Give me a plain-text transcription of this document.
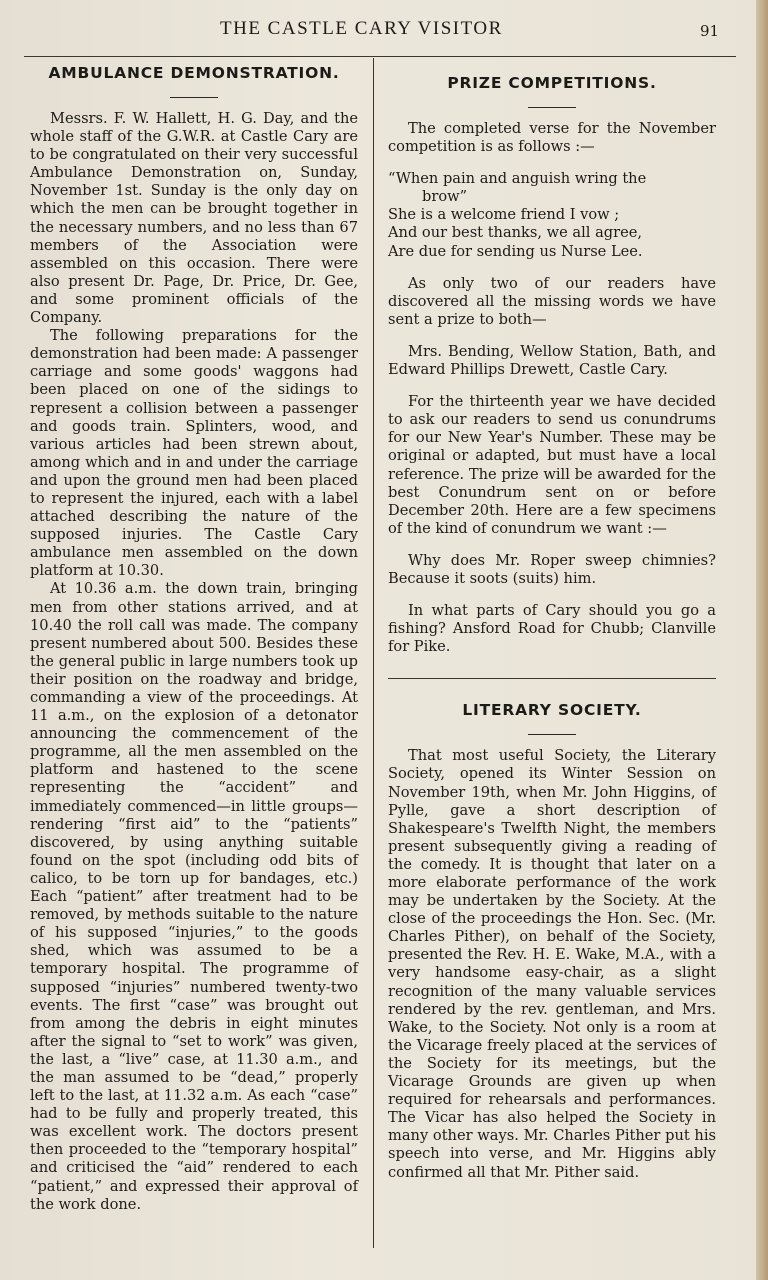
THE CASTLE CARY VISITOR	91
AMBULANCE DEMONSTRATION.

Messrs. F. W. Hallett, H. G. Day, and the whole staff of the G.W.R. at Castle Cary are to be congratulated on their very successful Ambulance Demonstration on, Sunday, November 1st. Sunday is the only day on which the men can be brought together in the necessary numbers, and no less than 67 members of the Association were assembled on this occasion. There were also present Dr. Page, Dr. Price, Dr. Gee, and some prominent officials of the Company.

The following preparations for the demonstration had been made: A passenger carriage and some goods' waggons had been placed on one of the sidings to represent a collision between a passenger and goods train. Splinters, wood, and various articles had been strewn about, among which and in and under the carriage and upon the ground men had been placed to represent the injured, each with a label attached describing the nature of the supposed injuries. The Castle Cary ambulance men assembled on the down platform at 10.30.

At 10.36 a.m. the down train, bringing men from other stations arrived, and at 10.40 the roll call was made. The company present numbered about 500. Besides these the general public in large numbers took up their position on the roadway and bridge, commanding a view of the proceedings. At 11 a.m., on the explosion of a detonator announcing the commencement of the programme, all the men assembled on the platform and hastened to the scene representing the “accident” and immediately commenced—in little groups—rendering “first aid” to the “patients” discovered, by using anything suitable found on the spot (including odd bits of calico, to be torn up for bandages, etc.) Each “patient” after treatment had to be removed, by methods suitable to the nature of his supposed “injuries,” to the goods shed, which was assumed to be a temporary hospital. The programme of supposed “injuries” numbered twenty-two events. The first “case” was brought out from among the debris in eight minutes after the signal to “set to work” was given, the last, a “live” case, at 11.30 a.m., and the man assumed to be “dead,” properly left to the last, at 11.32 a.m. As each “case” had to be fully and properly treated, this was excellent work. The doctors present then proceeded to the “temporary hospital” and criticised the “aid” rendered to each “patient,” and expressed their approval of the work done.

PRIZE COMPETITIONS.

The completed verse for the November competition is as follows :—

“When pain and anguish wring the
brow”
She is a welcome friend I vow ;
And our best thanks, we all agree,
Are due for sending us Nurse Lee.

As only two of our readers have discovered all the missing words we have sent a prize to both—

Mrs. Bending, Wellow Station, Bath, and Edward Phillips Drewett, Castle Cary.

For the thirteenth year we have decided to ask our readers to send us conundrums for our New Year's Number. These may be original or adapted, but must have a local reference. The prize will be awarded for the best Conundrum sent on or before December 20th. Here are a few specimens of the kind of conundrum we want :—

Why does Mr. Roper sweep chimnies? Because it soots (suits) him.

In what parts of Cary should you go a fishing? Ansford Road for Chubb; Clanville for Pike.

LITERARY SOCIETY.

That most useful Society, the Literary Society, opened its Winter Session on November 19th, when Mr. John Higgins, of Pylle, gave a short description of Shakespeare's Twelfth Night, the members present subsequently giving a reading of the comedy. It is thought that later on a more elaborate performance of the work may be undertaken by the Society. At the close of the proceedings the Hon. Sec. (Mr. Charles Pither), on behalf of the Society, presented the Rev. H. E. Wake, M.A., with a very handsome easy-chair, as a slight recognition of the many valuable services rendered by the rev. gentleman, and Mrs. Wake, to the Society. Not only is a room at the Vicarage freely placed at the services of the Society for its meetings, but the Vicarage Grounds are given up when required for rehearsals and performances. The Vicar has also helped the Society in many other ways. Mr. Charles Pither put his speech into verse, and Mr. Higgins ably confirmed all that Mr. Pither said.
